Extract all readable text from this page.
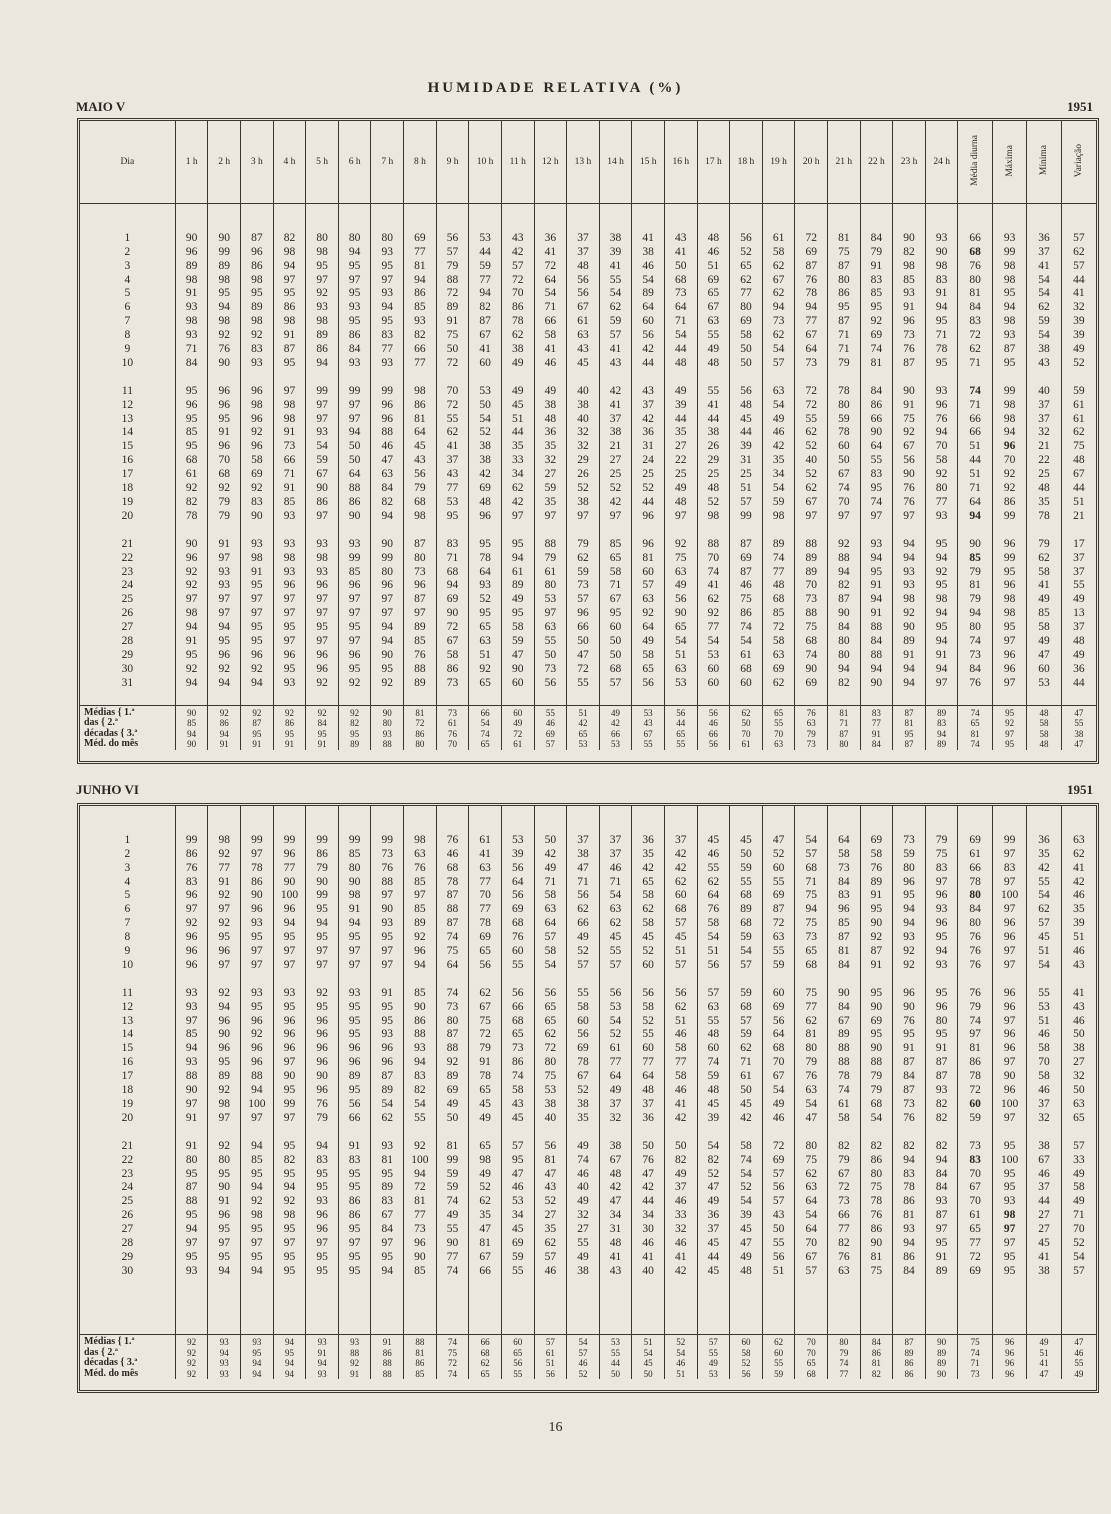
HUMIDADE RELATIVA (%)
MAIO V	1951
Dia	1 h	2 h	3 h	4 h	5 h	6 h	7 h	8 h	9 h	10 h	11 h	12 h	13 h	14 h	15 h	16 h	17 h	18 h	19 h	20 h	21 h	22 h	23 h	24 h	Média diurna	Máxima	Mínima	Variação

1	90	90	87	82	80	80	80	69	56	53	43	36	37	38	41	43	48	56	61	72	81	84	90	93	66	93	36	57
2	96	99	96	98	98	94	93	77	57	44	42	41	37	39	38	41	46	52	58	69	75	79	82	90	68	99	37	62
3	89	89	86	94	95	95	95	81	79	59	57	72	48	41	46	50	51	65	62	87	87	91	98	98	76	98	41	57
4	98	98	98	97	97	97	97	94	88	77	72	64	56	55	54	68	69	62	67	76	80	83	85	83	80	98	54	44
5	91	95	95	95	92	95	93	86	72	94	70	54	56	54	89	73	65	77	62	78	86	85	93	91	81	95	54	41
6	93	94	89	86	93	93	94	85	89	82	86	71	67	62	64	64	67	80	94	94	95	95	91	94	84	94	62	32
7	98	98	98	98	98	95	95	93	91	87	78	66	61	59	60	71	63	69	73	77	87	92	96	95	83	98	59	39
8	93	92	92	91	89	86	83	82	75	67	62	58	63	57	56	54	55	58	62	67	71	69	73	71	72	93	54	39
9	71	76	83	87	86	84	77	66	50	41	38	41	43	41	42	44	49	50	54	64	71	74	76	78	62	87	38	49
10	84	90	93	95	94	93	93	77	72	60	49	46	45	43	44	48	48	50	57	73	79	81	87	95	71	95	43	52

11	95	96	96	97	99	99	99	98	70	53	49	49	40	42	43	49	55	56	63	72	78	84	90	93	74	99	40	59
12	96	96	98	98	97	97	96	86	72	50	45	38	38	41	37	39	41	48	54	72	80	86	91	96	71	98	37	61
13	95	95	96	98	97	97	96	81	55	54	51	48	40	37	42	44	44	45	49	55	59	66	75	76	66	98	37	61
14	85	91	92	91	93	94	88	64	62	52	44	36	32	38	36	35	38	44	46	62	78	90	92	94	66	94	32	62
15	95	96	96	73	54	50	46	45	41	38	35	35	32	21	31	27	26	39	42	52	60	64	67	70	51	96	21	75
16	68	70	58	66	59	50	47	43	37	38	33	32	29	27	24	22	29	31	35	40	50	55	56	58	44	70	22	48
17	61	68	69	71	67	64	63	56	43	42	34	27	26	25	25	25	25	25	34	52	67	83	90	92	51	92	25	67
18	92	92	92	91	90	88	84	79	77	69	62	59	52	52	52	49	48	51	54	62	74	95	76	80	71	92	48	44
19	82	79	83	85	86	86	82	68	53	48	42	35	38	42	44	48	52	57	59	67	70	74	76	77	64	86	35	51
20	78	79	90	93	97	90	94	98	95	96	97	97	97	97	96	97	98	99	98	97	97	97	97	93	94	99	78	21

21	90	91	93	93	93	93	90	87	83	95	95	88	79	85	96	92	88	87	89	88	92	93	94	95	90	96	79	17
22	96	97	98	98	98	99	99	80	71	78	94	79	62	65	81	75	70	69	74	89	88	94	94	94	85	99	62	37
23	92	93	91	93	93	85	80	73	68	64	61	61	59	58	60	63	74	87	77	89	94	95	93	92	79	95	58	37
24	92	93	95	96	96	96	96	96	94	93	89	80	73	71	57	49	41	46	48	70	82	91	93	95	81	96	41	55
25	97	97	97	97	97	97	97	87	69	52	49	53	57	67	63	56	62	75	68	73	87	94	98	98	79	98	49	49
26	98	97	97	97	97	97	97	97	90	95	95	97	96	95	92	90	92	86	85	88	90	91	92	94	94	98	85	13
27	94	94	95	95	95	95	94	89	72	65	58	63	66	60	64	65	77	74	72	75	84	88	90	95	80	95	58	37
28	91	95	95	97	97	97	94	85	67	63	59	55	50	50	49	54	54	54	58	68	80	84	89	94	74	97	49	48
29	95	96	96	96	96	96	90	76	58	51	47	50	47	50	58	51	53	61	63	74	80	88	91	91	73	96	47	49
30	92	92	92	95	96	95	95	88	86	92	90	73	72	68	65	63	60	68	69	90	94	94	94	94	84	96	60	36
31	94	94	94	93	92	92	92	89	73	65	60	56	55	57	56	53	60	60	62	69	82	90	94	97	76	97	53	44

Médias { 1.ª	90	92	92	92	92	92	90	81	73	66	60	55	51	49	53	56	56	62	65	76	81	83	87	89	74	95	48	47
das { 2.ª	85	86	87	86	84	82	80	72	61	54	49	46	42	42	43	44	46	50	55	63	71	77	81	83	65	92	58	55
décadas { 3.ª	94	94	95	95	95	95	93	86	76	74	72	69	65	66	67	65	66	70	70	79	87	91	95	94	81	97	58	38
Méd. do mês	90	91	91	91	91	89	88	80	70	65	61	57	53	53	55	55	56	61	63	73	80	84	87	89	74	95	48	47
JUNHO VI	1951

1	99	98	99	99	99	99	99	98	76	61	53	50	37	37	36	37	45	45	47	54	64	69	73	79	69	99	36	63
2	86	92	97	96	86	85	73	63	46	41	39	42	38	37	35	42	46	50	52	57	58	58	59	75	61	97	35	62
3	76	77	78	77	79	80	76	76	68	63	56	49	47	46	42	42	55	59	60	68	73	76	80	83	66	83	42	41
4	83	91	86	90	90	90	88	85	78	77	64	71	71	71	65	62	62	55	55	71	84	89	96	97	78	97	55	42
5	96	92	90	100	99	98	97	97	87	70	56	58	56	54	58	60	64	68	69	75	83	91	95	96	80	100	54	46
6	97	97	96	96	95	91	90	85	88	77	69	63	62	63	62	68	76	89	87	94	96	95	94	93	84	97	62	35
7	92	92	93	94	94	94	93	89	87	78	68	64	66	62	58	57	58	68	72	75	85	90	94	96	80	96	57	39
8	96	95	95	95	95	95	95	92	74	69	76	57	49	45	45	45	54	59	63	73	87	92	93	95	76	96	45	51
9	96	96	97	97	97	97	97	96	75	65	60	58	52	55	52	51	51	54	55	65	81	87	92	94	76	97	51	46
10	96	97	97	97	97	97	97	94	64	56	55	54	57	57	60	57	56	57	59	68	84	91	92	93	76	97	54	43

11	93	92	93	93	92	93	91	85	74	62	56	56	55	56	56	56	57	59	60	75	90	95	96	95	76	96	55	41
12	93	94	95	95	95	95	95	90	73	67	66	65	58	53	58	62	63	68	69	77	84	90	90	96	79	96	53	43
13	97	96	96	96	96	95	95	86	80	75	68	65	60	54	52	51	55	57	56	62	67	69	76	80	74	97	51	46
14	85	90	92	96	96	95	93	88	87	72	65	62	56	52	55	46	48	59	64	81	89	95	95	95	97	96	46	50
15	94	96	96	96	96	96	96	93	88	79	73	72	69	61	60	58	60	62	68	80	88	90	91	91	81	96	58	38
16	93	95	96	97	96	96	96	94	92	91	86	80	78	77	77	77	74	71	70	79	88	88	87	87	86	97	70	27
17	88	89	88	90	90	89	87	83	89	78	74	75	67	64	64	58	59	61	67	76	78	79	84	87	78	90	58	32
18	90	92	94	95	96	95	89	82	69	65	58	53	52	49	48	46	48	50	54	63	74	79	87	93	72	96	46	50
19	97	98	100	99	76	56	54	54	49	45	43	38	38	37	37	41	45	45	49	54	61	68	73	82	60	100	37	63
20	91	97	97	97	79	66	62	55	50	49	45	40	35	32	36	42	39	42	46	47	58	54	76	82	59	97	32	65

21	91	92	94	95	94	91	93	92	81	65	57	56	49	38	50	50	54	58	72	80	82	82	82	82	73	95	38	57
22	80	80	85	82	83	83	81	100	99	98	95	81	74	67	76	82	82	74	69	75	79	86	94	94	83	100	67	33
23	95	95	95	95	95	95	95	94	59	49	47	47	46	48	47	49	52	54	57	62	67	80	83	84	70	95	46	49
24	87	90	94	94	95	95	89	72	59	52	46	43	40	42	42	37	47	52	56	63	72	75	78	84	67	95	37	58
25	88	91	92	92	93	86	83	81	74	62	53	52	49	47	44	46	49	54	57	64	73	78	86	93	70	93	44	49
26	95	96	98	98	96	86	67	77	49	35	34	27	32	34	34	33	36	39	43	54	66	76	81	87	61	98	27	71
27	94	95	95	95	96	95	84	73	55	47	45	35	27	31	30	32	37	45	50	64	77	86	93	97	65	97	27	70
28	97	97	97	97	97	97	97	96	90	81	69	62	55	48	46	46	45	47	55	70	82	90	94	95	77	97	45	52
29	95	95	95	95	95	95	95	90	77	67	59	57	49	41	41	41	44	49	56	67	76	81	86	91	72	95	41	54
30	93	94	94	95	95	95	94	85	74	66	55	46	38	43	40	42	45	48	51	57	63	75	84	89	69	95	38	57

Médias { 1.ª	92	93	93	94	93	93	91	88	74	66	60	57	54	53	51	52	57	60	62	70	80	84	87	90	75	96	49	47
das { 2.ª	92	94	95	95	91	88	86	81	75	68	65	61	57	55	54	54	55	58	60	70	79	86	89	89	74	96	51	46
décadas { 3.ª	92	93	94	94	94	92	88	86	72	62	56	51	46	44	45	46	49	52	55	65	74	81	86	89	71	96	41	55
Méd. do mês	92	93	94	94	93	91	88	85	74	65	55	56	52	50	50	51	53	56	59	68	77	82	86	90	73	96	47	49
16
